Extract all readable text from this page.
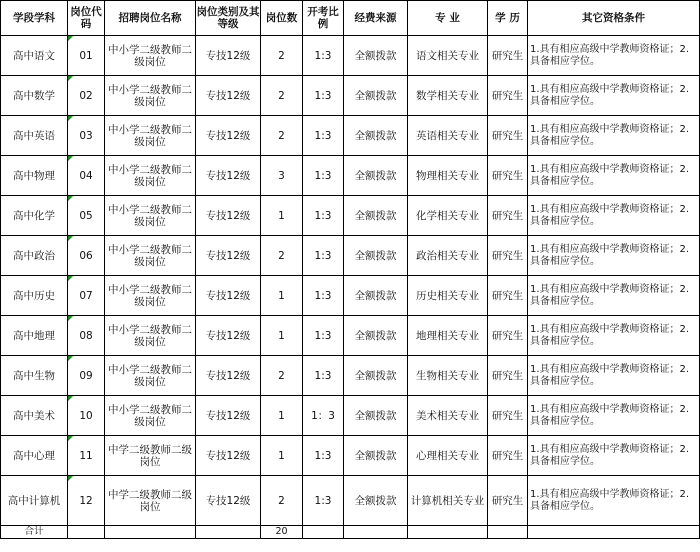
学段学科	岗位代码	招聘岗位名称	岗位类别及其等级	岗位数	开考比例	经费来源	专 业	学 历	其它资格条件
高中语文	01	中小学二级教师二级岗位	专技12级	2	1:3	全额拨款	语文相关专业	研究生	1.具有相应高级中学教师资格证；2.具备相应学位。
高中数学	02	中小学二级教师二级岗位	专技12级	2	1:3	全额拨款	数学相关专业	研究生	1.具有相应高级中学教师资格证；2.具备相应学位。
高中英语	03	中小学二级教师二级岗位	专技12级	2	1:3	全额拨款	英语相关专业	研究生	1.具有相应高级中学教师资格证；2.具备相应学位。
高中物理	04	中小学二级教师二级岗位	专技12级	3	1:3	全额拨款	物理相关专业	研究生	1.具有相应高级中学教师资格证；2.具备相应学位。
高中化学	05	中小学二级教师二级岗位	专技12级	1	1:3	全额拨款	化学相关专业	研究生	1.具有相应高级中学教师资格证；2.具备相应学位。
高中政治	06	中小学二级教师二级岗位	专技12级	2	1:3	全额拨款	政治相关专业	研究生	1.具有相应高级中学教师资格证；2.具备相应学位。
高中历史	07	中小学二级教师二级岗位	专技12级	1	1:3	全额拨款	历史相关专业	研究生	1.具有相应高级中学教师资格证；2.具备相应学位。
高中地理	08	中小学二级教师二级岗位	专技12级	1	1:3	全额拨款	地理相关专业	研究生	1.具有相应高级中学教师资格证；2.具备相应学位。
高中生物	09	中小学二级教师二级岗位	专技12级	2	1:3	全额拨款	生物相关专业	研究生	1.具有相应高级中学教师资格证；2.具备相应学位。
高中美术	10	中小学二级教师二级岗位	专技12级	1	1：3	全额拨款	美术相关专业	研究生	1.具有相应高级中学教师资格证；2.具备相应学位。
高中心理	11	中学二级教师二级岗位	专技12级	1	1:3	全额拨款	心理相关专业	研究生	1.具有相应高级中学教师资格证；2.具备相应学位。
高中计算机	12	中学二级教师二级岗位	专技12级	2	1:3	全额拨款	计算机相关专业	研究生	1.具有相应高级中学教师资格证；2.具备相应学位。
合计				20					
